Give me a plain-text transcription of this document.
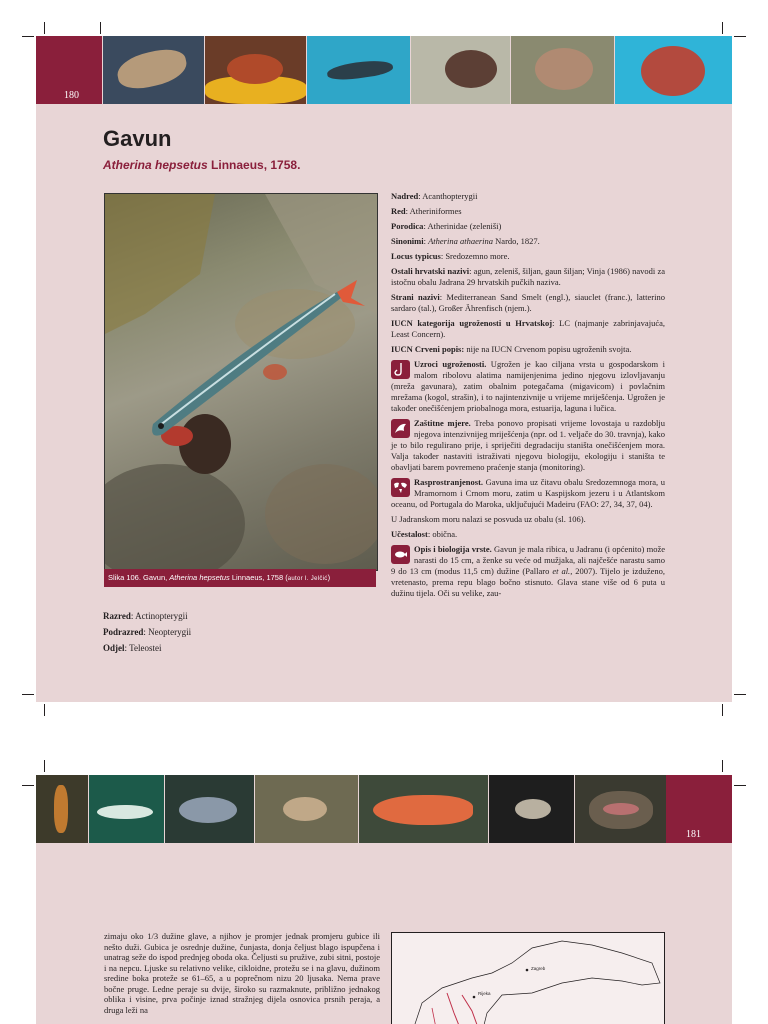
180
Gavun
Atherina hepsetus Linnaeus, 1758.
Slika 106. Gavun, Atherina hepsetus Linnaeus, 1758 (autor I. Jelčić)
Razred: Actinopterygii
Podrazred: Neopterygii
Odjel: Teleostei

Nadred: Acanthopterygii

Red: Atheriniformes

Porodica: Atherinidae (zeleniši)

Sinonimi: Atherina athaerina Nardo, 1827.

Locus typicus: Sredozemno more.

Ostali hrvatski nazivi: agun, zeleniš, šiljan, gaun šiljan; Vinja (1986) navodi za istočnu obalu Jadrana 29 hrvatskih pučkih naziva.

Strani nazivi: Mediterranean Sand Smelt (engl.), siauclet (franc.), latterino sardaro (tal.), Großer Ährenfisch (njem.).

IUCN kategorija ugroženosti u Hrvatskoj: LC (najmanje zabrinjavajuća, Least Concern).

IUCN Crveni popis: nije na IUCN Crvenom popisu ugroženih svojta.

Uzroci ugroženosti. Ugrožen je kao ciljana vrsta u gospodarskom i malom ribolovu alatima namijenjenima jedino njegovu izlovljavanju (mreža gavunara), zatim obalnim potegačama (migavicom) i povlačnim mrežama (kogol, strašin), i to najintenzivnije u vrijeme mriješćenja. Ugrožen je također onečišćenjem priobalnoga mora, estuarija, laguna i lučica.

Zaštitne mjere. Treba ponovo propisati vrijeme lovostaja u razdoblju njegova intenzivnijeg mriješćenja (npr. od 1. veljače do 30. travnja), kako je to bilo regulirano prije, i spriječiti degradaciju staništa onečišćenjem mora. Valja također nastaviti istraživati njegovu biologiju, ekologiju i staništa te obavljati barem povremeno praćenje stanja (monitoring).

Rasprostranjenost. Gavuna ima uz čitavu obalu Sredozemnoga mora, u Mramornom i Crnom moru, zatim u Kaspijskom jezeru i u Atlantskom oceanu, od Portugala do Maroka, uključujući Madeiru (FAO: 27, 34, 37, 04).

U Jadranskom moru nalazi se posvuda uz obalu (sl. 106).

Učestalost: obična.

Opis i biologija vrste. Gavun je mala ribica, u Jadranu (i općenito) može narasti do 15 cm, a ženke su veće od mužjaka, ali najčešće narastu samo 9 do 13 cm (modus 11,5 cm) dužine (Pallaro et al., 2007). Tijelo je izduženo, vretenasto, prema repu blago bočno stisnuto. Glava stane više od 6 puta u dužinu tijela. Oči su velike, zau-

181
zimaju oko 1/3 dužine glave, a njihov je promjer jednak promjeru gubice ili nešto duži. Gubica je osrednje dužine, čunjasta, donja čeljust blago ispupčena i unatrag seže do ispod prednjeg oboda oka. Čeljusti su pružive, zubi sitni, postoje i na nepcu. Ljuske su relativno velike, cikloidne, protežu se i na glavu, dužinom sredine boka proteže se 61–65, a u poprečnom nizu 20 ljusaka. Nema prave bočne pruge. Ledne peraje su dvije, široko su razmaknute, približno jednakog oblika i visine, prva počinje iznad stražnjeg dijela osnovica prsnih peraja, a druga leži na
Zagreb
Rijeka
